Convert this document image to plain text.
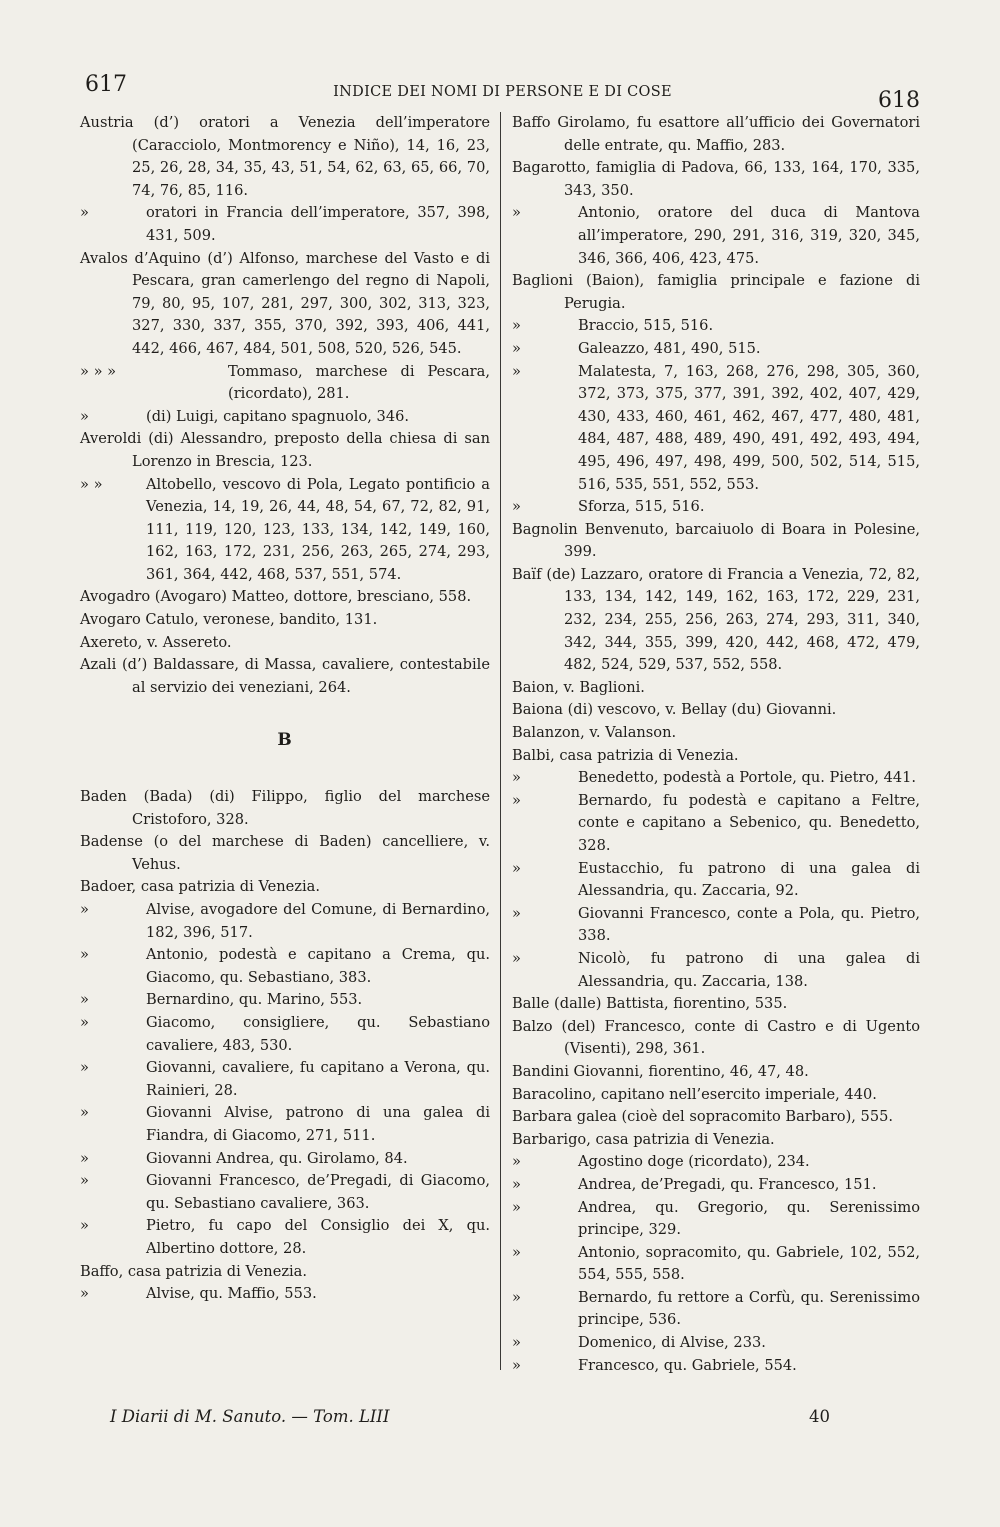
617	INDICE DEI NOMI DI PERSONE E DI COSE	618
Austria (d’) oratori a Venezia dell’imperatore (Caracciolo, Montmorency e Niño), 14, 16, 23, 25, 26, 28, 34, 35, 43, 51, 54, 62, 63, 65, 66, 70, 74, 76, 85, 116.
»	oratori in Francia dell’imperatore, 357, 398, 431, 509.
Avalos d’Aquino (d’) Alfonso, marchese del Vasto e di Pescara, gran camerlengo del regno di Napoli, 79, 80, 95, 107, 281, 297, 300, 302, 313, 323, 327, 330, 337, 355, 370, 392, 393, 406, 441, 442, 466, 467, 484, 501, 508, 520, 526, 545.
» » »	Tommaso, marchese di Pescara, (ricordato), 281.
»	(di) Luigi, capitano spagnuolo, 346.
Averoldi (di) Alessandro, preposto della chiesa di san Lorenzo in Brescia, 123.
» »	Altobello, vescovo di Pola, Legato pontificio a Venezia, 14, 19, 26, 44, 48, 54, 67, 72, 82, 91, 111, 119, 120, 123, 133, 134, 142, 149, 160, 162, 163, 172, 231, 256, 263, 265, 274, 293, 361, 364, 442, 468, 537, 551, 574.
Avogadro (Avogaro) Matteo, dottore, bresciano, 558.
Avogaro Catulo, veronese, bandito, 131.
Axereto, v. Assereto.
Azali (d’) Baldassare, di Massa, cavaliere, contestabile al servizio dei veneziani, 264.
B
Baden (Bada) (di) Filippo, figlio del marchese Cristoforo, 328.
Badense (o del marchese di Baden) cancelliere, v. Vehus.
Badoer, casa patrizia di Venezia.
»	Alvise, avogadore del Comune, di Bernardino, 182, 396, 517.
»	Antonio, podestà e capitano a Crema, qu. Giacomo, qu. Sebastiano, 383.
»	Bernardino, qu. Marino, 553.
»	Giacomo, consigliere, qu. Sebastiano cavaliere, 483, 530.
»	Giovanni, cavaliere, fu capitano a Verona, qu. Rainieri, 28.
»	Giovanni Alvise, patrono di una galea di Fiandra, di Giacomo, 271, 511.
»	Giovanni Andrea, qu. Girolamo, 84.
»	Giovanni Francesco, de’Pregadi, di Giacomo, qu. Sebastiano cavaliere, 363.
»	Pietro, fu capo del Consiglio dei X, qu. Albertino dottore, 28.
Baffo, casa patrizia di Venezia.
»	Alvise, qu. Maffio, 553.
Baffo Girolamo, fu esattore all’ufficio dei Governatori delle entrate, qu. Maffio, 283.
Bagarotto, famiglia di Padova, 66, 133, 164, 170, 335, 343, 350.
»	Antonio, oratore del duca di Mantova all’imperatore, 290, 291, 316, 319, 320, 345, 346, 366, 406, 423, 475.
Baglioni (Baion), famiglia principale e fazione di Perugia.
»	Braccio, 515, 516.
»	Galeazzo, 481, 490, 515.
»	Malatesta, 7, 163, 268, 276, 298, 305, 360, 372, 373, 375, 377, 391, 392, 402, 407, 429, 430, 433, 460, 461, 462, 467, 477, 480, 481, 484, 487, 488, 489, 490, 491, 492, 493, 494, 495, 496, 497, 498, 499, 500, 502, 514, 515, 516, 535, 551, 552, 553.
»	Sforza, 515, 516.
Bagnolin Benvenuto, barcaiuolo di Boara in Polesine, 399.
Baïf (de) Lazzaro, oratore di Francia a Venezia, 72, 82, 133, 134, 142, 149, 162, 163, 172, 229, 231, 232, 234, 255, 256, 263, 274, 293, 311, 340, 342, 344, 355, 399, 420, 442, 468, 472, 479, 482, 524, 529, 537, 552, 558.
Baion, v. Baglioni.
Baiona (di) vescovo, v. Bellay (du) Giovanni.
Balanzon, v. Valanson.
Balbi, casa patrizia di Venezia.
»	Benedetto, podestà a Portole, qu. Pietro, 441.
»	Bernardo, fu podestà e capitano a Feltre, conte e capitano a Sebenico, qu. Benedetto, 328.
»	Eustacchio, fu patrono di una galea di Alessandria, qu. Zaccaria, 92.
»	Giovanni Francesco, conte a Pola, qu. Pietro, 338.
»	Nicolò, fu patrono di una galea di Alessandria, qu. Zaccaria, 138.
Balle (dalle) Battista, fiorentino, 535.
Balzo (del) Francesco, conte di Castro e di Ugento (Visenti), 298, 361.
Bandini Giovanni, fiorentino, 46, 47, 48.
Baracolino, capitano nell’esercito imperiale, 440.
Barbara galea (cioè del sopracomito Barbaro), 555.
Barbarigo, casa patrizia di Venezia.
»	Agostino doge (ricordato), 234.
»	Andrea, de’Pregadi, qu. Francesco, 151.
»	Andrea, qu. Gregorio, qu. Serenissimo principe, 329.
»	Antonio, sopracomito, qu. Gabriele, 102, 552, 554, 555, 558.
»	Bernardo, fu rettore a Corfù, qu. Serenissimo principe, 536.
»	Domenico, di Alvise, 233.
»	Francesco, qu. Gabriele, 554.
I Diarii di M. Sanuto. — Tom. LIII	40
